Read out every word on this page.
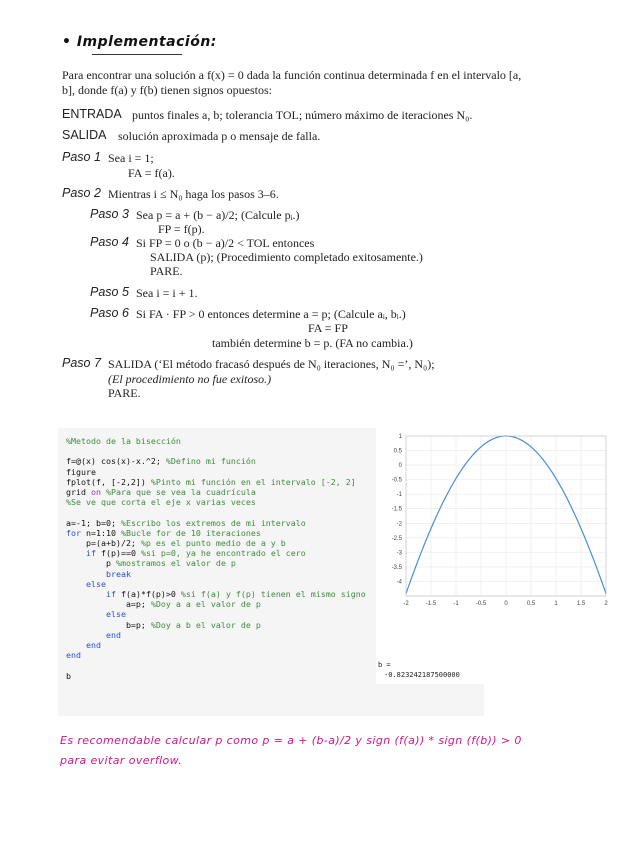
• Implementación:
Para encontrar una solución a f(x) = 0 dada la función continua determinada f en el intervalo [a, b], donde f(a) y f(b) tienen signos opuestos:
ENTRADA puntos finales a, b; tolerancia TOL; número máximo de iteraciones N₀.
SALIDA solución aproximada p o mensaje de falla.
Paso 1 Sea i = 1;
FA = f(a).
Paso 2 Mientras i ≤ N₀ haga los pasos 3–6.
Paso 3 Sea p = a + (b − a)/2; (Calcule pᵢ.)
FP = f(p).
Paso 4 Si FP = 0 o (b − a)/2 < TOL entonces
SALIDA (p); (Procedimiento completado exitosamente.)
PARE.
Paso 5 Sea i = i + 1.
Paso 6 Si FA · FP > 0 entonces determine a = p; (Calcule aᵢ, bᵢ.)
FA = FP
también determine b = p. (FA no cambia.)
Paso 7 SALIDA (‘El método fracasó después de N₀ iteraciones, N₀ =’, N₀);
(El procedimiento no fue exitoso.)
PARE.
%Metodo de la bisección
f=@(x) cos(x)-x.^2; %Defino mi función
figure
fplot(f, [-2,2]) %Pinto mi función en el intervalo [-2, 2]
grid on %Para que se vea la cuadrícula
%Se ve que corta el eje x varias veces
a=-1; b=0; %Escribo los extremos de mi intervalo
for n=1:10 %Bucle for de 10 iteraciones
p=(a+b)/2; %p es el punto medio de a y b
if f(p)==0 %si p=0, ya he encontrado el cero
p %mostramos el valor de p
break
else
if f(a)*f(p)>0 %si f(a) y f(p) tienen el mismo signo
a=p; %Doy a a el valor de p
else
b=p; %Doy a b el valor de p
end
end
end
b
-2	-1.5	-1	-0.5	0	0.5	1	1.5	2
1
0.5
0
-0.5
-1
-1.5
-2
-2.5
-3
-3.5
-4
b =
-0.823242187500000
Es recomendable calcular p como p = a + (b-a)/2 y sign (f(a)) * sign (f(b)) > 0
para evitar overflow.
